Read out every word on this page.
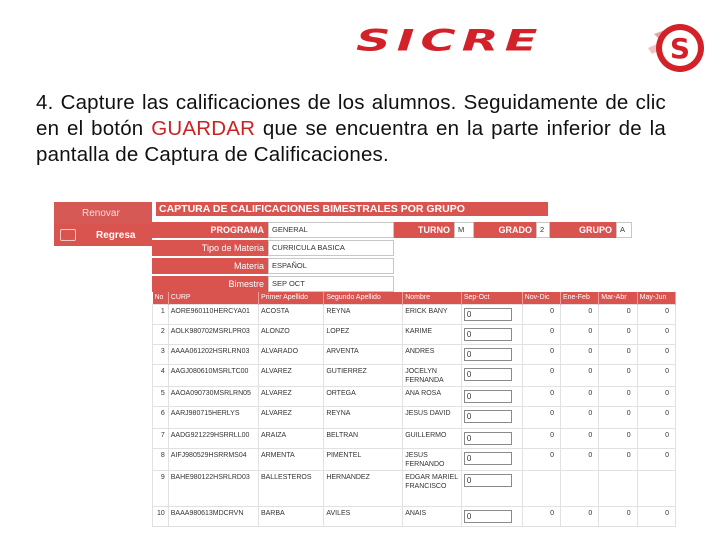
SICRE	S

4. Capture las calificaciones de los alumnos. Seguidamente de clic en el botón GUARDAR que se encuentra en la parte inferior de la pantalla de Captura de Calificaciones.

Renovar
Regresa
CAPTURA DE CALIFICACIONES BIMESTRALES POR GRUPO
PROGRAMA	GENERAL	TURNO	M	GRADO	2	GRUPO	A
Tipo de Materia	CURRICULA BASICA
Materia	ESPAÑOL
Bimestre	SEP OCT
No	CURP	Primer Apellido	Segundo Apellido	Nombre	Sep-Oct	Nov-Dic	Ene-Feb	Mar-Abr	May-Jun
1	AORE960110HERCYA01	ACOSTA	REYNA	ERICK BANY	0	0	0	0	0
2	AOLK980702MSRLPR03	ALONZO	LOPEZ	KARIME	0	0	0	0	0
3	AAAA061202HSRLRN03	ALVARADO	ARVENTA	ANDRES	0	0	0	0	0
4	AAGJ080610MSRLTC00	ALVAREZ	GUTIERREZ	JOCELYN FERNANDA	0	0	0	0	0
5	AAOA090730MSRLRN05	ALVAREZ	ORTEGA	ANA ROSA	0	0	0	0	0
6	AARJ980715HERLYS	ALVAREZ	REYNA	JESUS DAVID	0	0	0	0	0
7	AADG921229HSRRLL00	ARAIZA	BELTRAN	GUILLERMO	0	0	0	0	0
8	AIFJ980529HSRRMS04	ARMENTA	PIMENTEL	JESUS FERNANDO	0	0	0	0	0
9	BAHE980122HSRLRD03	BALLESTEROS	HERNANDEZ	EDGAR MARIEL FRANCISCO	0				

10	BAAA980613MDCRVN	BARBA	AVILES	ANAIS	0	0	0	0	0
